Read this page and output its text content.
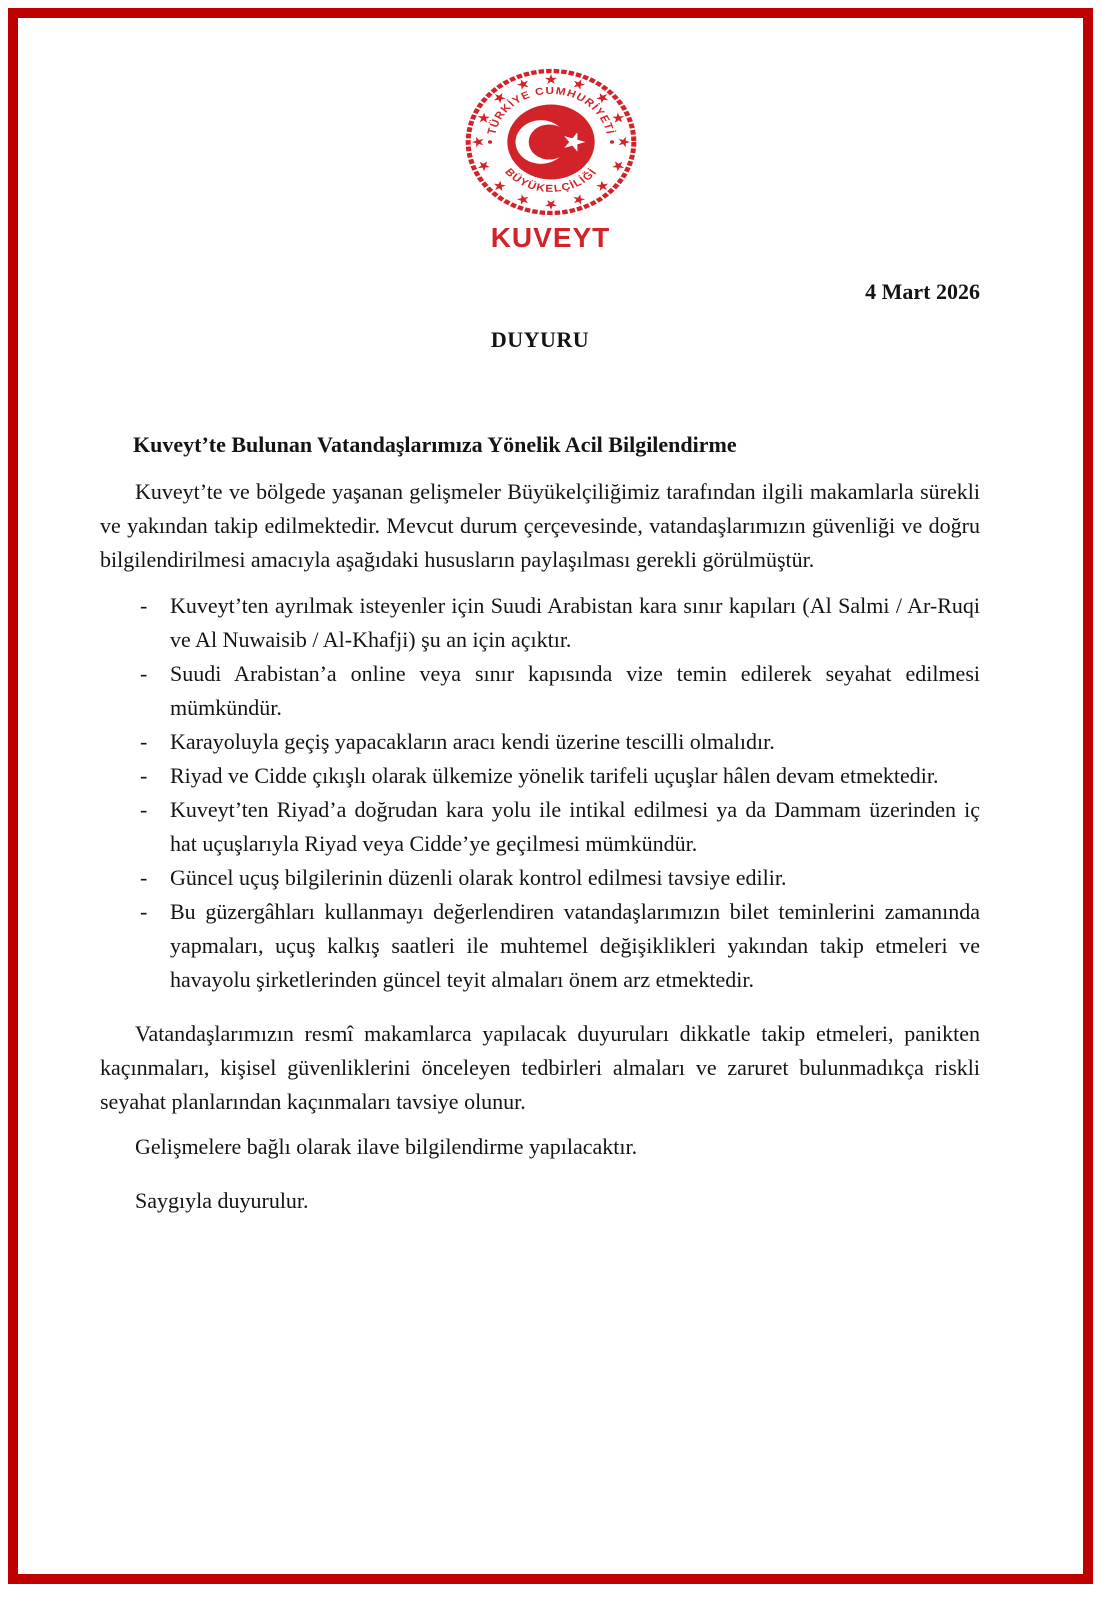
TÜRKİYE CUMHURİYETİ
BÜYÜKELÇİLİĞİ
KUVEYT
4 Mart 2026
DUYURU
Kuveyt’te Bulunan Vatandaşlarımıza Yönelik Acil Bilgilendirme

Kuveyt’te ve bölgede yaşanan gelişmeler Büyükelçiliğimiz tarafından ilgili makamlarla sürekli ve yakından takip edilmektedir. Mevcut durum çerçevesinde, vatandaşlarımızın güvenliği ve doğru bilgilendirilmesi amacıyla aşağıdaki hususların paylaşılması gerekli görülmüştür.

- Kuveyt’ten ayrılmak isteyenler için Suudi Arabistan kara sınır kapıları (Al Salmi / Ar-Ruqi ve Al Nuwaisib / Al-Khafji) şu an için açıktır.
- Suudi Arabistan’a online veya sınır kapısında vize temin edilerek seyahat edilmesi mümkündür.
- Karayoluyla geçiş yapacakların aracı kendi üzerine tescilli olmalıdır.
- Riyad ve Cidde çıkışlı olarak ülkemize yönelik tarifeli uçuşlar hâlen devam etmektedir.
- Kuveyt’ten Riyad’a doğrudan kara yolu ile intikal edilmesi ya da Dammam üzerinden iç hat uçuşlarıyla Riyad veya Cidde’ye geçilmesi mümkündür.
- Güncel uçuş bilgilerinin düzenli olarak kontrol edilmesi tavsiye edilir.
- Bu güzergâhları kullanmayı değerlendiren vatandaşlarımızın bilet teminlerini zamanında yapmaları, uçuş kalkış saatleri ile muhtemel değişiklikleri yakından takip etmeleri ve havayolu şirketlerinden güncel teyit almaları önem arz etmektedir.

Vatandaşlarımızın resmî makamlarca yapılacak duyuruları dikkatle takip etmeleri, panikten kaçınmaları, kişisel güvenliklerini önceleyen tedbirleri almaları ve zaruret bulunmadıkça riskli seyahat planlarından kaçınmaları tavsiye olunur.

Gelişmelere bağlı olarak ilave bilgilendirme yapılacaktır.

Saygıyla duyurulur.
